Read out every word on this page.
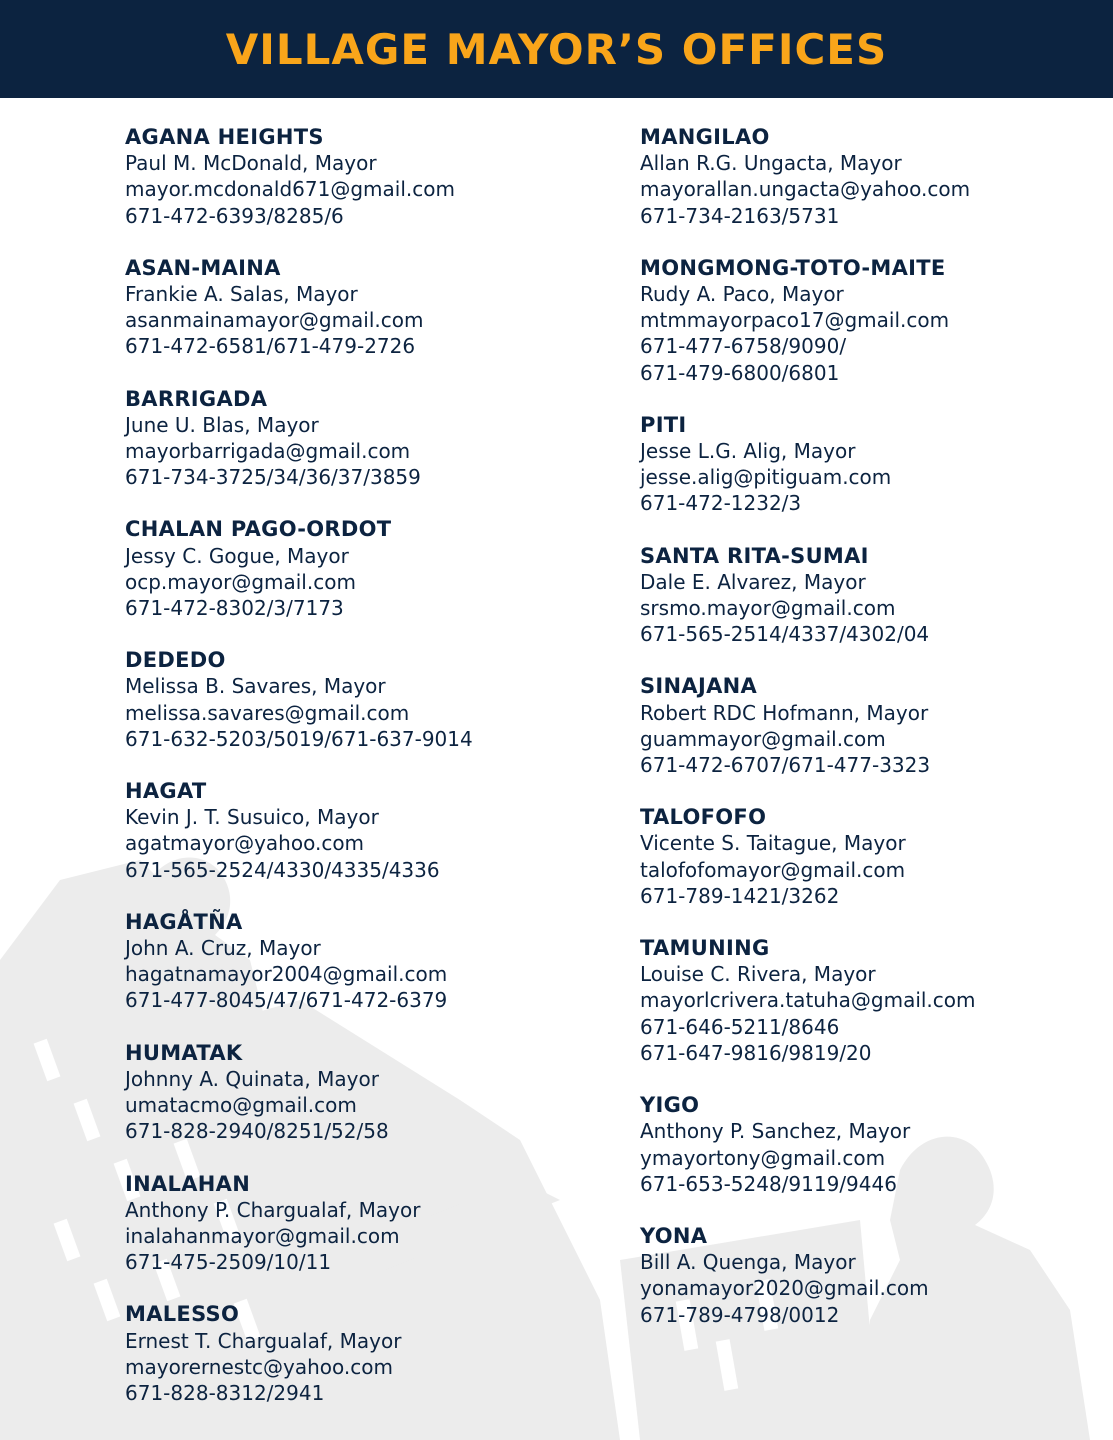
VILLAGE MAYOR’S OFFICES
AGANA HEIGHTS
Paul M. McDonald, Mayor
mayor.mcdonald671@gmail.com
671-472-6393/8285/6
ASAN-MAINA
Frankie A. Salas, Mayor
asanmainamayor@gmail.com
671-472-6581/671-479-2726
BARRIGADA
June U. Blas, Mayor
mayorbarrigada@gmail.com
671-734-3725/34/36/37/3859
CHALAN PAGO-ORDOT
Jessy C. Gogue, Mayor
ocp.mayor@gmail.com
671-472-8302/3/7173
DEDEDO
Melissa B. Savares, Mayor
melissa.savares@gmail.com
671-632-5203/5019/671-637-9014
HAGAT
Kevin J. T. Susuico, Mayor
agatmayor@yahoo.com
671-565-2524/4330/4335/4336
HAGÅTÑA
John A. Cruz, Mayor
hagatnamayor2004@gmail.com
671-477-8045/47/671-472-6379
HUMATAK
Johnny A. Quinata, Mayor
umatacmo@gmail.com
671-828-2940/8251/52/58
INALAHAN
Anthony P. Chargualaf, Mayor
inalahanmayor@gmail.com
671-475-2509/10/11
MALESSO
Ernest T. Chargualaf, Mayor
mayorernestc@yahoo.com
671-828-8312/2941
MANGILAO
Allan R.G. Ungacta, Mayor
mayorallan.ungacta@yahoo.com
671-734-2163/5731
MONGMONG-TOTO-MAITE
Rudy A. Paco, Mayor
mtmmayorpaco17@gmail.com
671-477-6758/9090/
671-479-6800/6801
PITI
Jesse L.G. Alig, Mayor
jesse.alig@pitiguam.com
671-472-1232/3
SANTA RITA-SUMAI
Dale E. Alvarez, Mayor
srsmo.mayor@gmail.com
671-565-2514/4337/4302/04
SINAJANA
Robert RDC Hofmann, Mayor
guammayor@gmail.com
671-472-6707/671-477-3323
TALOFOFO
Vicente S. Taitague, Mayor
talofofomayor@gmail.com
671-789-1421/3262
TAMUNING
Louise C. Rivera, Mayor
mayorlcrivera.tatuha@gmail.com
671-646-5211/8646
671-647-9816/9819/20
YIGO
Anthony P. Sanchez, Mayor
ymayortony@gmail.com
671-653-5248/9119/9446
YONA
Bill A. Quenga, Mayor
yonamayor2020@gmail.com
671-789-4798/0012
